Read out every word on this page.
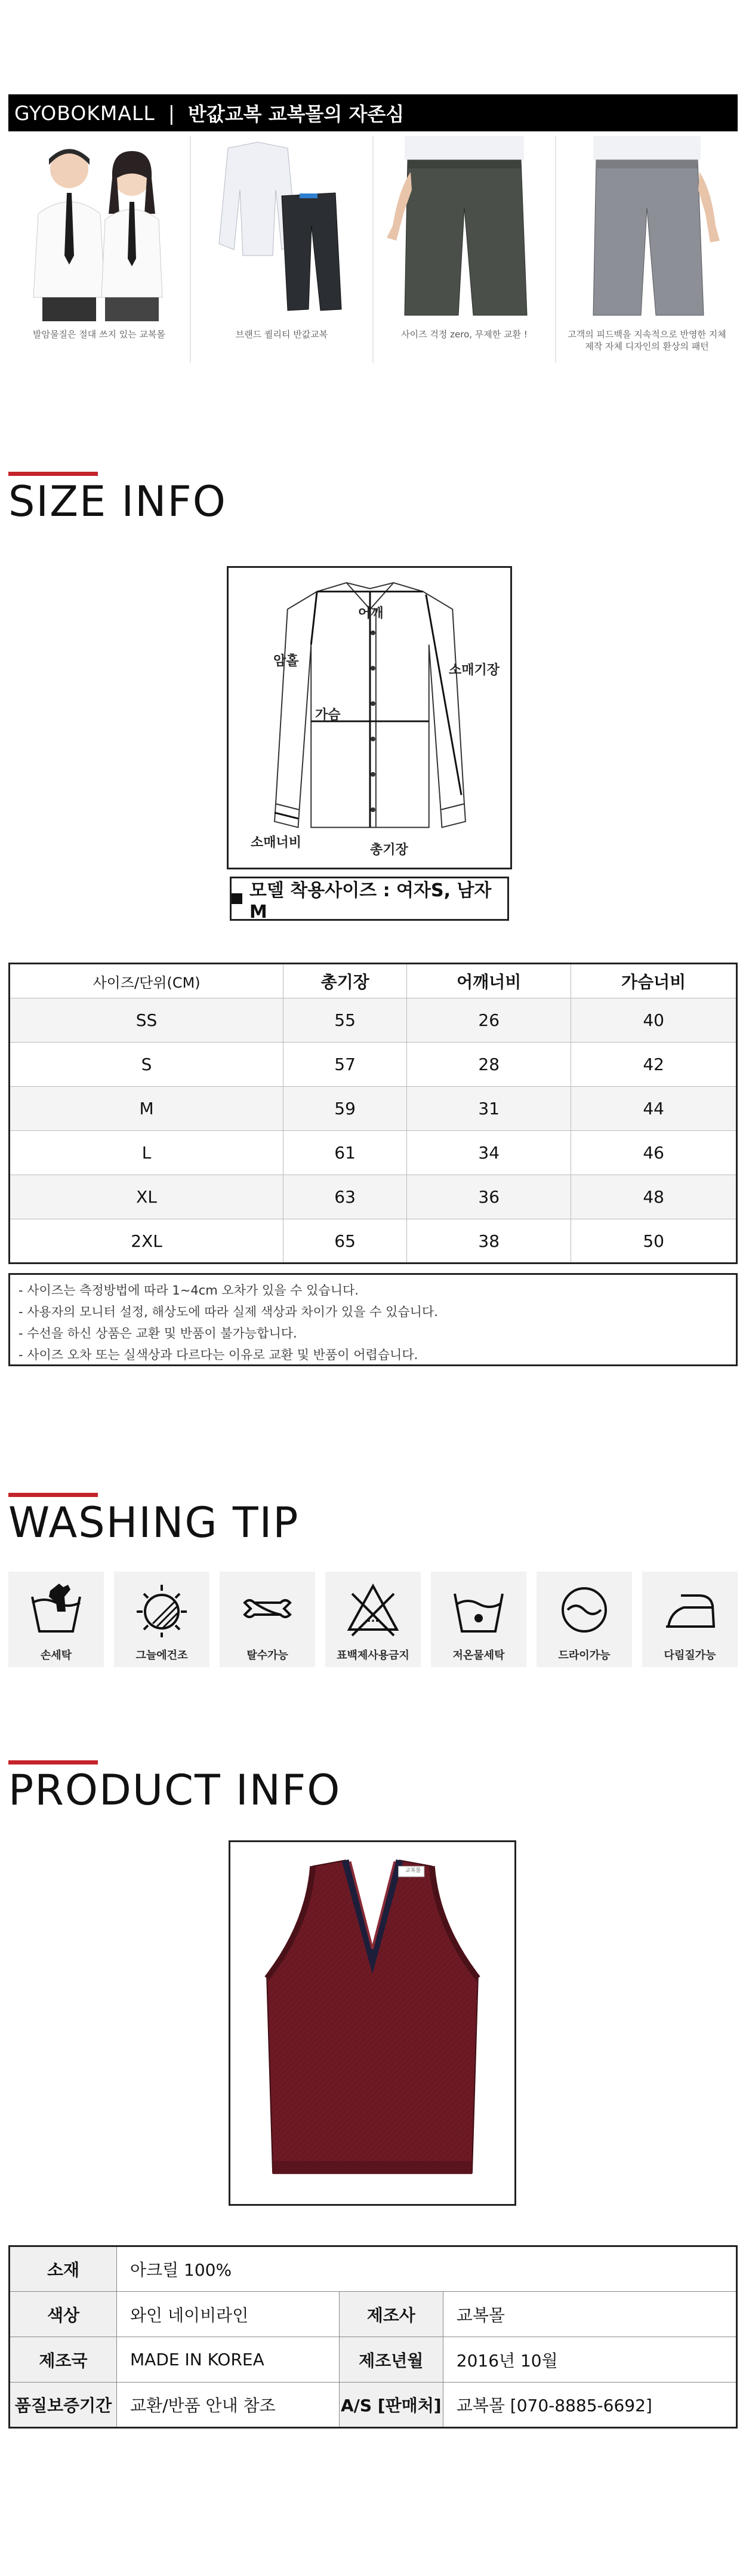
GYOBOKMALL | 반값교복 교복몰의 자존심
발암물질은 절대 쓰지 있는 교복몰	브랜드 퀄리티 반값교복	사이즈 걱정 zero, 무제한 교환 !	고객의 피드백을 지속적으로 반영한 지체 제작 자체 디자인의 환상의 패턴
SIZE INFO
어깨
암홀
소매기장
가슴
소매너비	총기장
모델 착용사이즈 : 여자S, 남자M
사이즈/단위(CM)	총기장	어깨너비	가슴너비
SS	55	26	40
S	57	28	42
M	59	31	44
L	61	34	46
XL	63	36	48
2XL	65	38	50
- 사이즈는 측정방법에 따라 1~4cm 오차가 있을 수 있습니다.
- 사용자의 모니터 설정, 해상도에 따라 실제 색상과 차이가 있을 수 있습니다.
- 수선을 하신 상품은 교환 및 반품이 불가능합니다.
- 사이즈 오차 또는 실색상과 다르다는 이유로 교환 및 반품이 어렵습니다.
WASHING TIP
손세탁	그늘에건조	탈수가능
...
표백제사용금지	저온물세탁	드라이가능	다림질가능
PRODUCT INFO
교복몰
소재	아크릴 100%		
색상	와인 네이비라인	제조사	교복몰
제조국	MADE IN KOREA	제조년월	2016년 10월
품질보증기간	교환/반품 안내 참조	A/S [판매처]	교복몰 [070-8885-6692]
